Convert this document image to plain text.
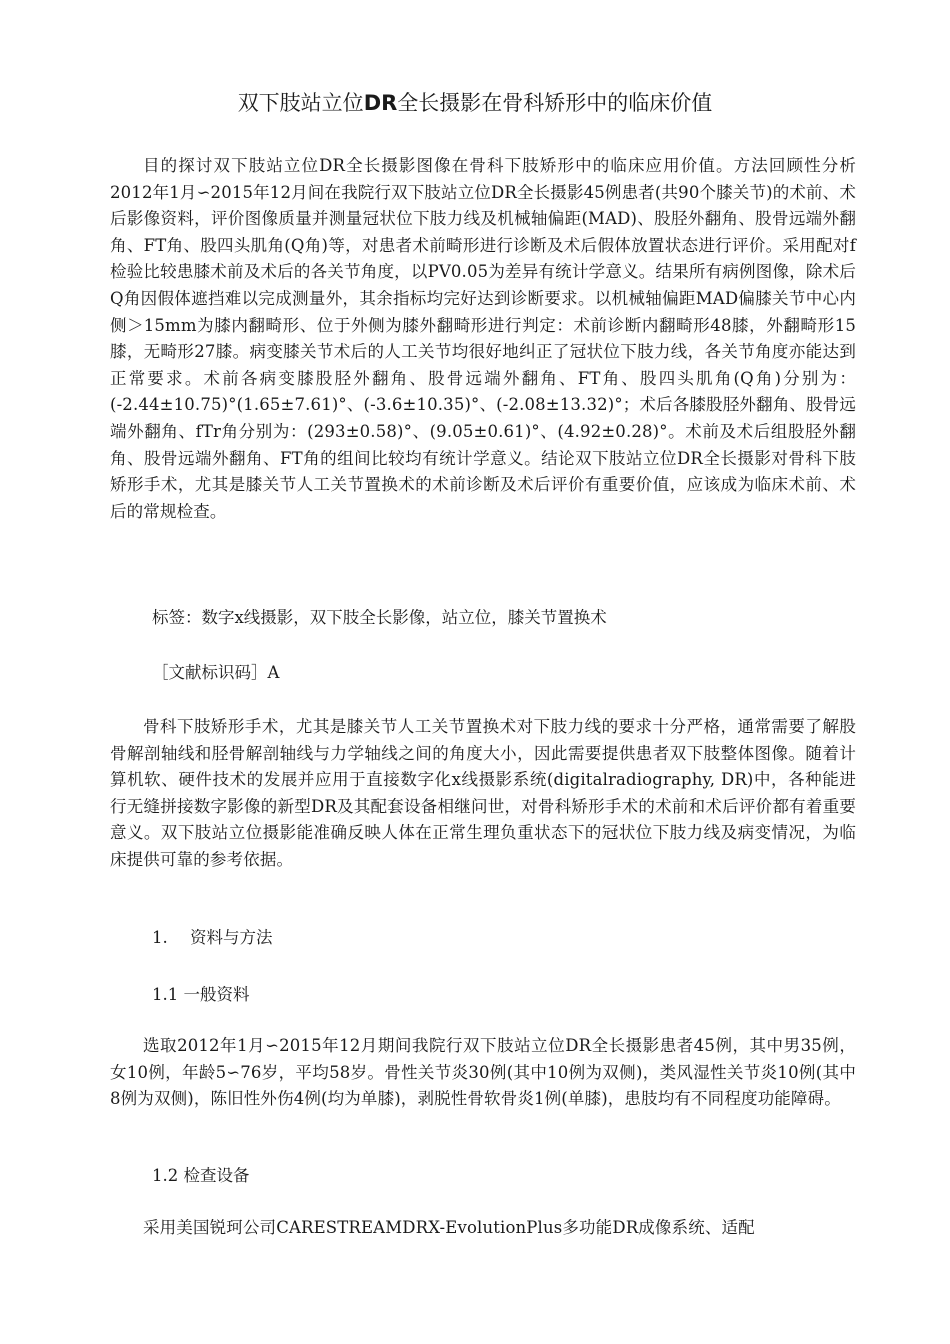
双下肢站立位DR全长摄影在骨科矫形中的临床价值

目的探讨双下肢站立位DR全长摄影图像在骨科下肢矫形中的临床应用价值。方法回顾性分析2012年1月∽2015年12月间在我院行双下肢站立位DR全长摄影45例患者(共90个膝关节)的术前、术后影像资料，评价图像质量并测量冠状位下肢力线及机械轴偏距(MAD)、股胫外翻角、股骨远端外翻角、FT角、股四头肌角(Q角)等，对患者术前畸形进行诊断及术后假体放置状态进行评价。采用配对f检验比较患膝术前及术后的各关节角度，以PV0.05为差异有统计学意义。结果所有病例图像，除术后Q角因假体遮挡难以完成测量外，其余指标均完好达到诊断要求。以机械轴偏距MAD偏膝关节中心内侧＞15mm为膝内翻畸形、位于外侧为膝外翻畸形进行判定：术前诊断内翻畸形48膝，外翻畸形15膝，无畸形27膝。病变膝关节术后的人工关节均很好地纠正了冠状位下肢力线，各关节角度亦能达到正常要求。术前各病变膝股胫外翻角、股骨远端外翻角、FT角、股四头肌角(Q角)分别为：(-2.44±10.75)°(1.65±7.61)°、(-3.6±10.35)°、(-2.08±13.32)°；术后各膝股胫外翻角、股骨远端外翻角、fTr角分别为：(293±0.58)°、(9.05±0.61)°、(4.92±0.28)°。术前及术后组股胫外翻角、股骨远端外翻角、FT角的组间比较均有统计学意义。结论双下肢站立位DR全长摄影对骨科下肢矫形手术，尤其是膝关节人工关节置换术的术前诊断及术后评价有重要价值，应该成为临床术前、术后的常规检查。

标签：数字x线摄影，双下肢全长影像，站立位，膝关节置换术

［文献标识码］A

骨科下肢矫形手术，尤其是膝关节人工关节置换术对下肢力线的要求十分严格，通常需要了解股骨解剖轴线和胫骨解剖轴线与力学轴线之间的角度大小，因此需要提供患者双下肢整体图像。随着计算机软、硬件技术的发展并应用于直接数字化x线摄影系统(digitalradiography, DR)中，各种能进行无缝拼接数字影像的新型DR及其配套设备相继问世，对骨科矫形手术的术前和术后评价都有着重要意义。双下肢站立位摄影能准确反映人体在正常生理负重状态下的冠状位下肢力线及病变情况，为临床提供可靠的参考依据。

1. 资料与方法

1.1 一般资料

选取2012年1月∽2015年12月期间我院行双下肢站立位DR全长摄影患者45例，其中男35例，女10例，年龄5∽76岁，平均58岁。骨性关节炎30例(其中10例为双侧)，类风湿性关节炎10例(其中8例为双侧)，陈旧性外伤4例(均为单膝)，剥脱性骨软骨炎1例(单膝)，患肢均有不同程度功能障碍。

1.2 检查设备

采用美国锐珂公司CARESTREAMDRX-EvolutionPlus多功能DR成像系统、适配
